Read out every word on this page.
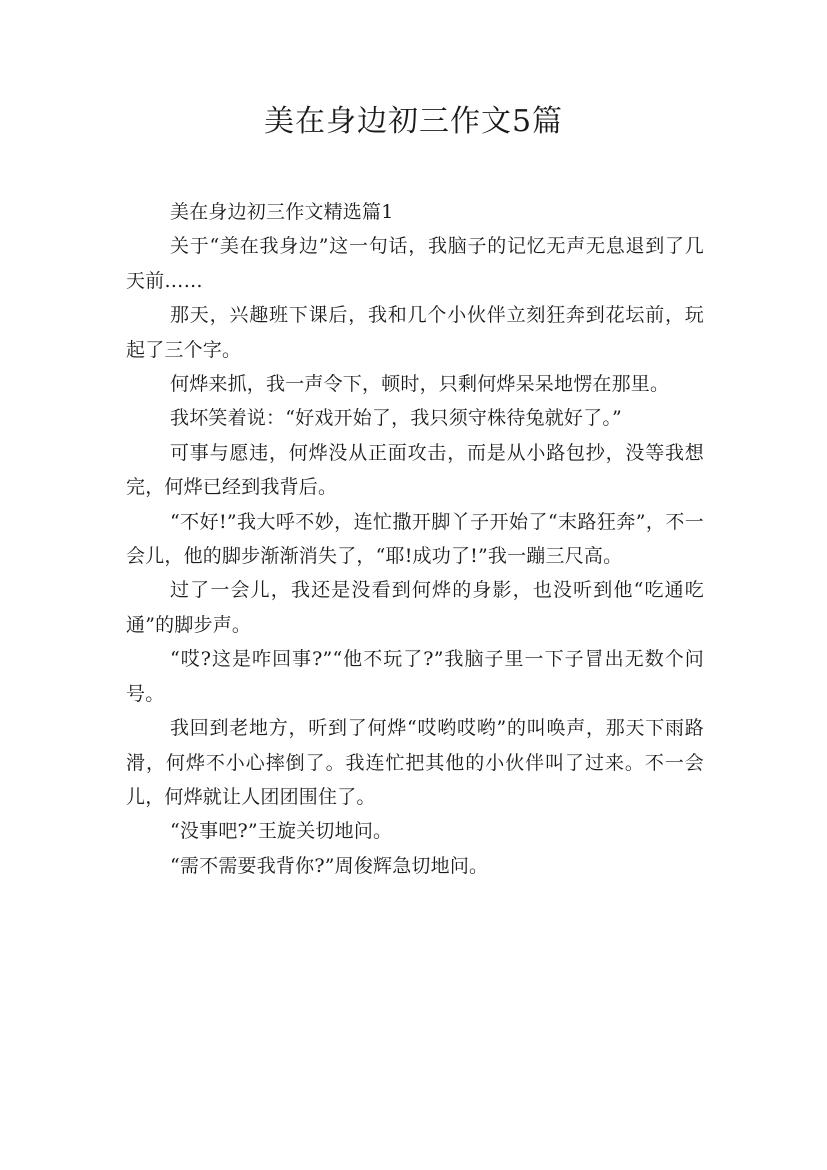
美在身边初三作文5篇

美在身边初三作文精选篇1

关于“美在我身边”这一句话，我脑子的记忆无声无息退到了几天前……

那天，兴趣班下课后，我和几个小伙伴立刻狂奔到花坛前，玩起了三个字。

何烨来抓，我一声令下，顿时，只剩何烨呆呆地愣在那里。

我坏笑着说：“好戏开始了，我只须守株待兔就好了。”

可事与愿违，何烨没从正面攻击，而是从小路包抄，没等我想完，何烨已经到我背后。

“不好!”我大呼不妙，连忙撒开脚丫子开始了“末路狂奔”，不一会儿，他的脚步渐渐消失了，“耶!成功了!”我一蹦三尺高。

过了一会儿，我还是没看到何烨的身影，也没听到他“吃通吃通”的脚步声。

“哎?这是咋回事?”“他不玩了?”我脑子里一下子冒出无数个问号。

我回到老地方，听到了何烨“哎哟哎哟”的叫唤声，那天下雨路滑，何烨不小心摔倒了。我连忙把其他的小伙伴叫了过来。不一会儿，何烨就让人团团围住了。

“没事吧?”王旋关切地问。

“需不需要我背你?”周俊辉急切地问。
